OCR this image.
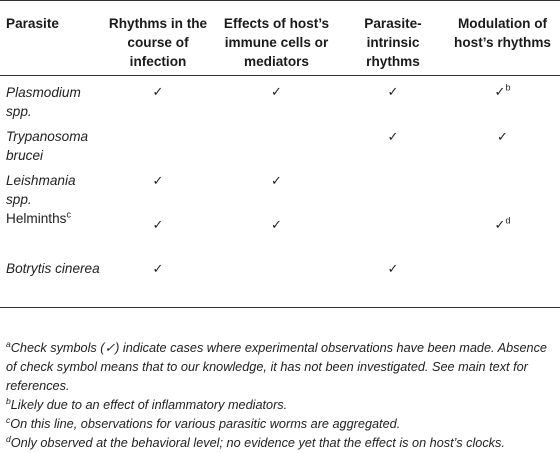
Parasite	Rhythms in the course of infection	Effects of host’s immune cells or mediators	Parasite-intrinsic rhythms	Modulation of host’s rhythms
Plasmodium spp.	✓	✓	✓	✓$^b$
Trypanosoma brucei			✓	✓
Leishmania spp.	✓	✓		
Helminths$^c$	✓	✓		✓$^d$
Botrytis cinerea	✓		✓	

$^a$Check symbols (✓) indicate cases where experimental observations have been made. Absence of check symbol means that to our knowledge, it has not been investigated. See main text for references.

$^b$Likely due to an effect of inflammatory mediators.

$^c$On this line, observations for various parasitic worms are aggregated.

$^d$Only observed at the behavioral level; no evidence yet that the effect is on host’s clocks.
